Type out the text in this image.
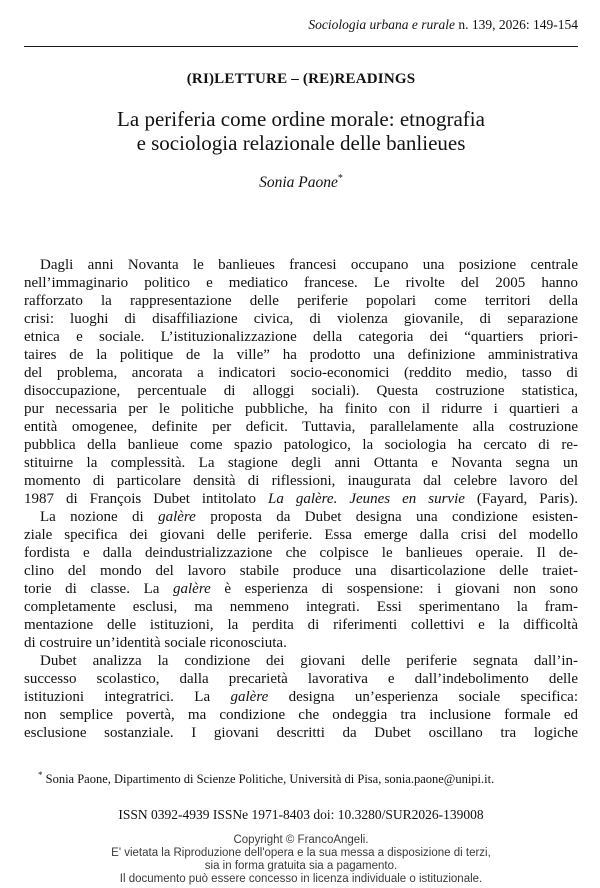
Sociologia urbana e rurale n. 139, 2026: 149-154
(RI)LETTURE – (RE)READINGS
La periferia come ordine morale: etnografia
e sociologia relazionale delle banlieues
Sonia Paone*
Dagli anni Novanta le banlieues francesi occupano una posizione centrale
nell’immaginario politico e mediatico francese. Le rivolte del 2005 hanno
rafforzato la rappresentazione delle periferie popolari come territori della
crisi: luoghi di disaffiliazione civica, di violenza giovanile, di separazione
etnica e sociale. L’istituzionalizzazione della categoria dei “quartiers priori-
taires de la politique de la ville” ha prodotto una definizione amministrativa
del problema, ancorata a indicatori socio-economici (reddito medio, tasso di
disoccupazione, percentuale di alloggi sociali). Questa costruzione statistica,
pur necessaria per le politiche pubbliche, ha finito con il ridurre i quartieri a
entità omogenee, definite per deficit. Tuttavia, parallelamente alla costruzione
pubblica della banlieue come spazio patologico, la sociologia ha cercato di re-
stituirne la complessità. La stagione degli anni Ottanta e Novanta segna un
momento di particolare densità di riflessioni, inaugurata dal celebre lavoro del
1987 di François Dubet intitolato La galère. Jeunes en survie (Fayard, Paris).
La nozione di galère proposta da Dubet designa una condizione esisten-
ziale specifica dei giovani delle periferie. Essa emerge dalla crisi del modello
fordista e dalla deindustrializzazione che colpisce le banlieues operaie. Il de-
clino del mondo del lavoro stabile produce una disarticolazione delle traiet-
torie di classe. La galère è esperienza di sospensione: i giovani non sono
completamente esclusi, ma nemmeno integrati. Essi sperimentano la fram-
mentazione delle istituzioni, la perdita di riferimenti collettivi e la difficoltà
di costruire un’identità sociale riconosciuta.
Dubet analizza la condizione dei giovani delle periferie segnata dall’in-
successo scolastico, dalla precarietà lavorativa e dall’indebolimento delle
istituzioni integratrici. La galère designa un’esperienza sociale specifica:
non semplice povertà, ma condizione che ondeggia tra inclusione formale ed
esclusione sostanziale. I giovani descritti da Dubet oscillano tra logiche
* Sonia Paone, Dipartimento di Scienze Politiche, Università di Pisa, sonia.paone@unipi.it.
ISSN 0392-4939 ISSNe 1971-8403 doi: 10.3280/SUR2026-139008
Copyright © FrancoAngeli.
E' vietata la Riproduzione dell'opera e la sua messa a disposizione di terzi,
sia in forma gratuita sia a pagamento.
Il documento può essere concesso in licenza individuale o istituzionale.
